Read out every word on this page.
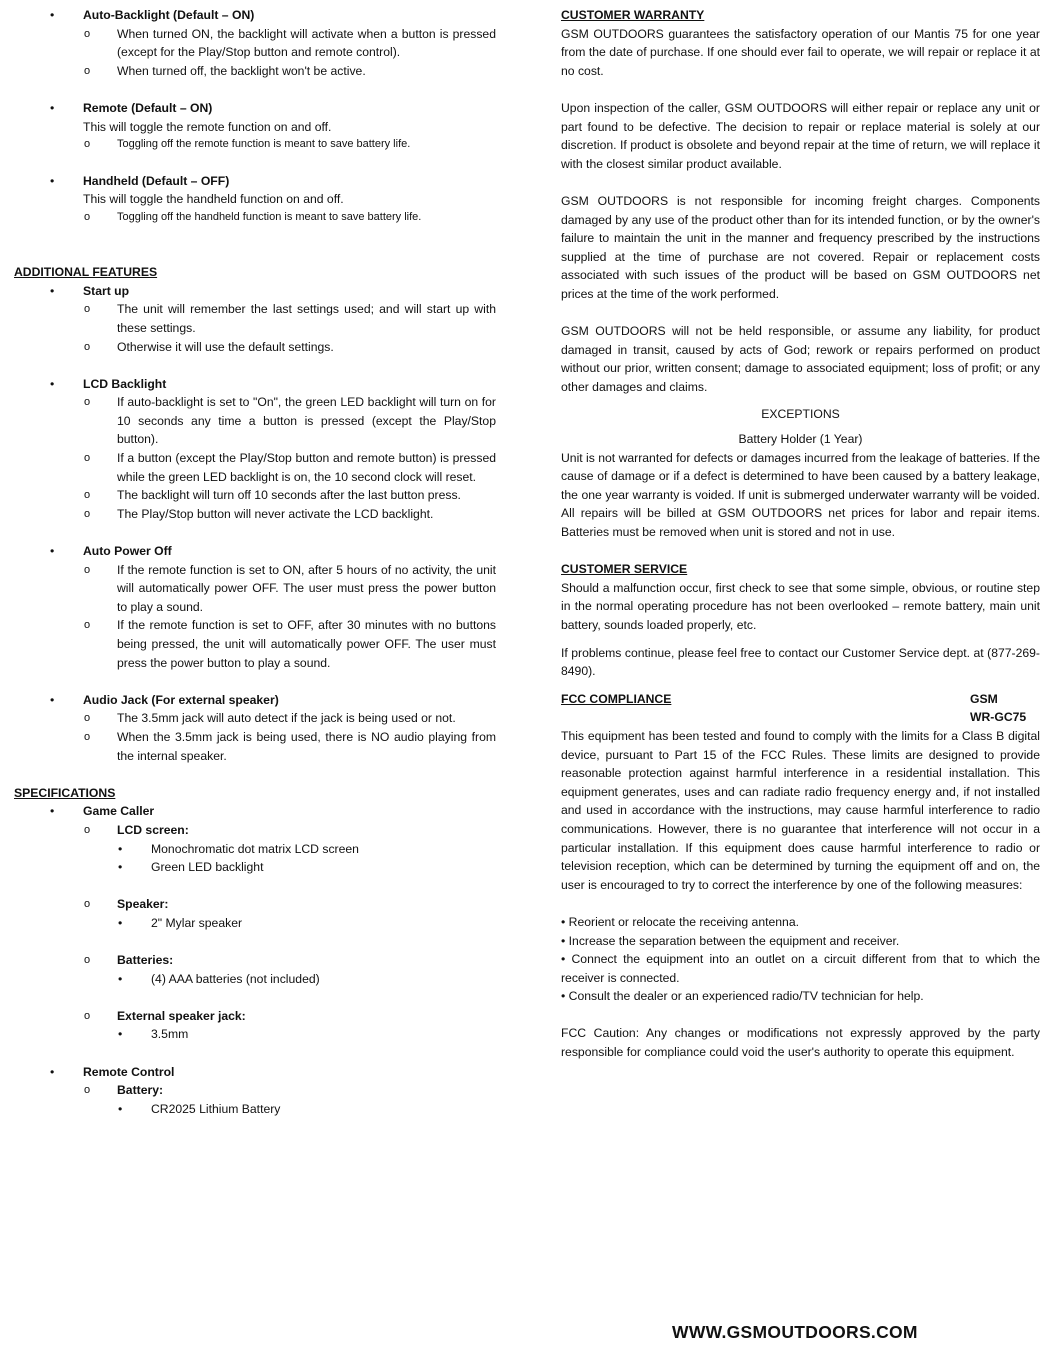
• Auto-Backlight (Default – ON)
o When turned ON, the backlight will activate when a button is pressed (except for the Play/Stop button and remote control).
o When turned off, the backlight won't be active.
• Remote (Default – ON)
This will toggle the remote function on and off.
o Toggling off the remote function is meant to save battery life.
• Handheld (Default – OFF)
This will toggle the handheld function on and off.
o Toggling off the handheld function is meant to save battery life.
ADDITIONAL FEATURES
• Start up
o The unit will remember the last settings used; and will start up with these settings.
o Otherwise it will use the default settings.
• LCD Backlight
o If auto-backlight is set to "On", the green LED backlight will turn on for 10 seconds any time a button is pressed (except the Play/Stop button).
o If a button (except the Play/Stop button and remote button) is pressed while the green LED backlight is on, the 10 second clock will reset.
o The backlight will turn off 10 seconds after the last button press.
o The Play/Stop button will never activate the LCD backlight.
• Auto Power Off
o If the remote function is set to ON, after 5 hours of no activity, the unit will automatically power OFF. The user must press the power button to play a sound.
o If the remote function is set to OFF, after 30 minutes with no buttons being pressed, the unit will automatically power OFF. The user must press the power button to play a sound.
• Audio Jack (For external speaker)
o The 3.5mm jack will auto detect if the jack is being used or not.
o When the 3.5mm jack is being used, there is NO audio playing from the internal speaker.
SPECIFICATIONS
• Game Caller
o LCD screen:
• Monochromatic dot matrix LCD screen
• Green LED backlight
o Speaker:
• 2" Mylar speaker
o Batteries:
• (4) AAA batteries (not included)
o External speaker jack:
• 3.5mm
• Remote Control
o Battery:
• CR2025 Lithium Battery
CUSTOMER WARRANTY

GSM OUTDOORS guarantees the satisfactory operation of our Mantis 75 for one year from the date of purchase. If one should ever fail to operate, we will repair or replace it at no cost.

Upon inspection of the caller, GSM OUTDOORS will either repair or replace any unit or part found to be defective. The decision to repair or replace material is solely at our discretion. If product is obsolete and beyond repair at the time of return, we will replace it with the closest similar product available.

GSM OUTDOORS is not responsible for incoming freight charges. Components damaged by any use of the product other than for its intended function, or by the owner's failure to maintain the unit in the manner and frequency prescribed by the instructions supplied at the time of purchase are not covered. Repair or replacement costs associated with such issues of the product will be based on GSM OUTDOORS net prices at the time of the work performed.

GSM OUTDOORS will not be held responsible, or assume any liability, for product damaged in transit, caused by acts of God; rework or repairs performed on product without our prior, written consent; damage to associated equipment; loss of profit; or any other damages and claims.

EXCEPTIONS
Battery Holder (1 Year)

Unit is not warranted for defects or damages incurred from the leakage of batteries. If the cause of damage or if a defect is determined to have been caused by a battery leakage, the one year warranty is voided. If unit is submerged underwater warranty will be voided. All repairs will be billed at GSM OUTDOORS net prices for labor and repair items. Batteries must be removed when unit is stored and not in use.

CUSTOMER SERVICE

Should a malfunction occur, first check to see that some simple, obvious, or routine step in the normal operating procedure has not been overlooked – remote battery, main unit battery, sounds loaded properly, etc.

If problems continue, please feel free to contact our Customer Service dept. at (877-269-8490).

FCC COMPLIANCE	GSM
WR-GC75

This equipment has been tested and found to comply with the limits for a Class B digital device, pursuant to Part 15 of the FCC Rules. These limits are designed to provide reasonable protection against harmful interference in a residential installation. This equipment generates, uses and can radiate radio frequency energy and, if not installed and used in accordance with the instructions, may cause harmful interference to radio communications. However, there is no guarantee that interference will not occur in a particular installation. If this equipment does cause harmful interference to radio or television reception, which can be determined by turning the equipment off and on, the user is encouraged to try to correct the interference by one of the following measures:

• Reorient or relocate the receiving antenna.
• Increase the separation between the equipment and receiver.
• Connect the equipment into an outlet on a circuit different from that to which the receiver is connected.
• Consult the dealer or an experienced radio/TV technician for help.

FCC Caution: Any changes or modifications not expressly approved by the party responsible for compliance could void the user's authority to operate this equipment.

WWW.GSMOUTDOORS.COM
